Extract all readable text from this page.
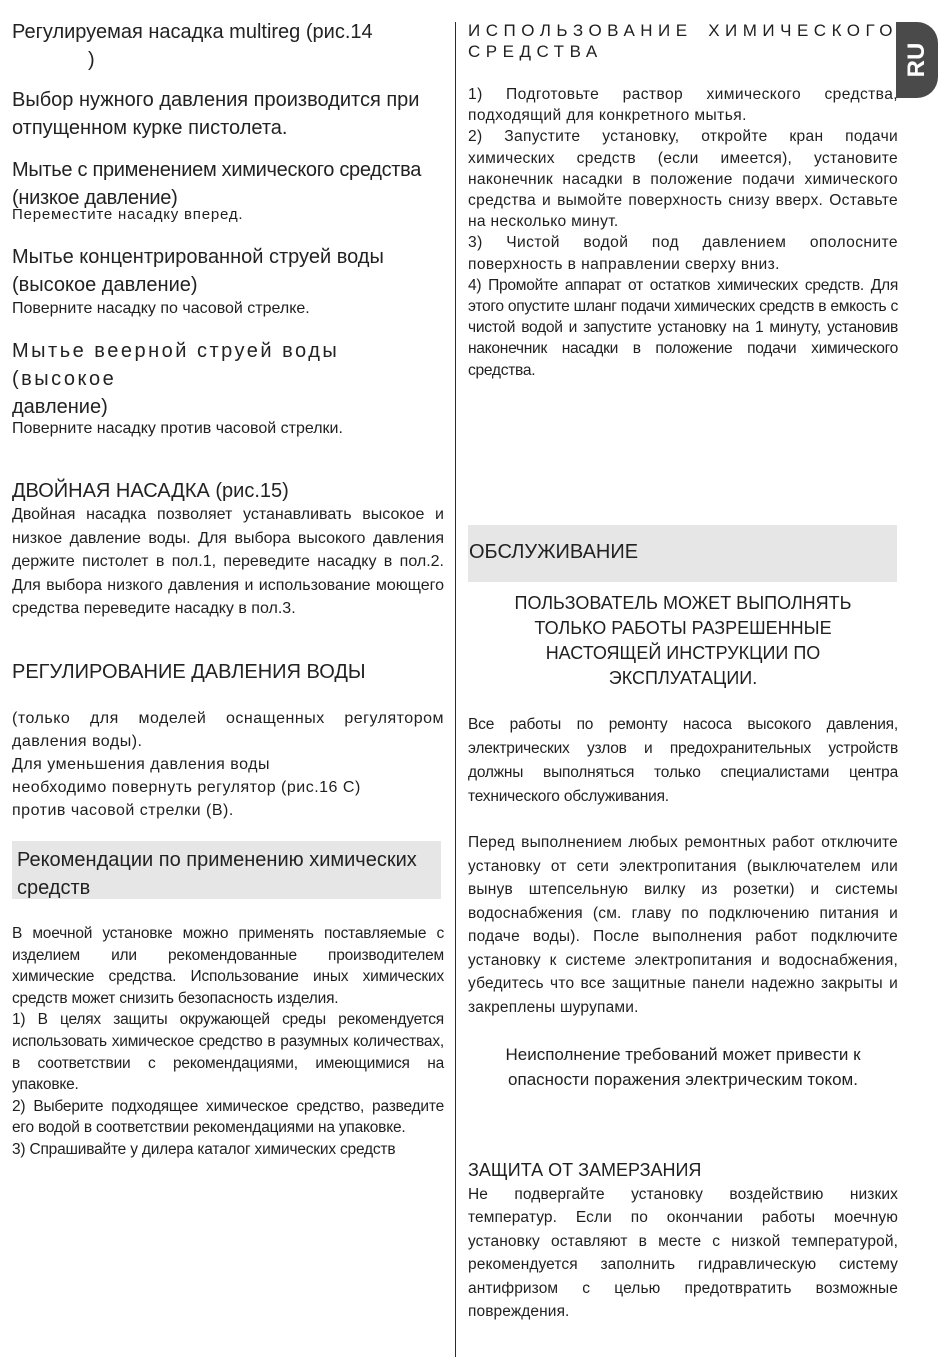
RU
Регулируемая насадка multireg (рис.14
)

Выбор нужного давления производится при отпущенном курке пистолета.

Мытье с применением химического средства (низкое давление)

Переместите насадку вперед.

Мытье концентрированной струей воды (высокое давление)

Поверните насадку по часовой стрелке.

Мытье веерной струей воды
(высокое
давление)

Поверните насадку против часовой стрелки.

ДВОЙНАЯ НАСАДКА (рис.15)

Двойная насадка позволяет устанавливать высокое и низкое давление воды. Для выбора высокого давления держите пистолет в пол.1, переведите насадку в пол.2. Для выбора низкого давления и использование моющего средства переведите насадку в пол.3.

РЕГУЛИРОВАНИЕ ДАВЛЕНИЯ ВОДЫ

(только для моделей оснащенных регулятором давления воды).
Для уменьшения давления воды
необходимо повернуть регулятор (рис.16 С)
против часовой стрелки (В).

Рекомендации по применению химических средств

В моечной установке можно применять поставляемые с изделием или рекомендованные производителем химические средства. Использование иных химических средств может снизить безопасность изделия.
1) В целях защиты окружающей среды рекомендуется использовать химическое средство в разумных количествах, в соответствии с рекомендациями, имеющимися на упаковке.
2) Выберите подходящее химическое средство, разведите его водой в соответствии рекомендациями на упаковке.
3) Спрашивайте у дилера каталог химических средств

ИСПОЛЬЗОВАНИЕ ХИМИЧЕСКОГО СРЕДСТВА

1) Подготовьте раствор химического средства, подходящий для конкретного мытья.
2) Запустите установку, откройте кран подачи химических средств (если имеется), установите наконечник насадки в положение подачи химического средства и вымойте поверхность снизу вверх. Оставьте на несколько минут.
3) Чистой водой под давлением ополосните поверхность в направлении сверху вниз.
4) Промойте аппарат от остатков химических средств. Для этого опустите шланг подачи химических средств в емкость с чистой водой и запустите установку на 1 минуту, установив наконечник насадки в положение подачи химического средства.

ОБСЛУЖИВАНИЕ

ПОЛЬЗОВАТЕЛЬ МОЖЕТ ВЫПОЛНЯТЬ ТОЛЬКО РАБОТЫ РАЗРЕШЕННЫЕ НАСТОЯЩЕЙ ИНСТРУКЦИИ ПО ЭКСПЛУАТАЦИИ.

Все работы по ремонту насоса высокого давления, электрических узлов и предохранительных устройств должны выполняться только специалистами центра технического обслуживания.

Перед выполнением любых ремонтных работ отключите установку от сети электропитания (выключателем или вынув штепсельную вилку из розетки) и системы водоснабжения (см. главу по подключению питания и подачe воды). После выполнения работ подключите установку к системе электропитания и водоснабжения, убедитесь что все защитные панели надежно закрыты и закреплены шурупами.

Неисполнение требований может привести к опасности поражения электрическим током.

ЗАЩИТА ОТ ЗАМЕРЗАНИЯ

Не подвергайте установку воздействию низких температур. Если по окончании работы моечную установку оставляют в месте с низкой температурой, рекомендуется заполнить гидравлическую систему антифризом с целью предотвратить возможные повреждения.
